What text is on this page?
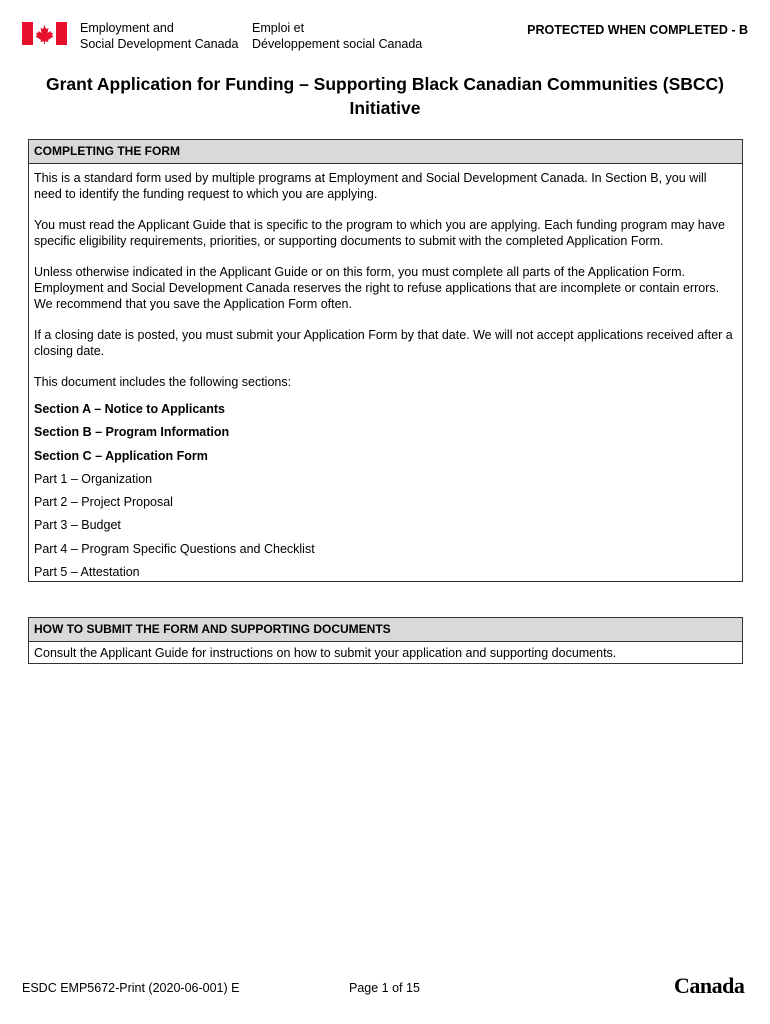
Employment and
Social Development Canada
Emploi et
Développement social Canada
PROTECTED WHEN COMPLETED - B
Grant Application for Funding – Supporting Black Canadian Communities (SBCC)
Initiative
COMPLETING THE FORM
This is a standard form used by multiple programs at Employment and Social Development Canada. In Section B, you will need to identify the funding request to which you are applying.
You must read the Applicant Guide that is specific to the program to which you are applying. Each funding program may have specific eligibility requirements, priorities, or supporting documents to submit with the completed Application Form.
Unless otherwise indicated in the Applicant Guide or on this form, you must complete all parts of the Application Form. Employment and Social Development Canada reserves the right to refuse applications that are incomplete or contain errors. We recommend that you save the Application Form often.
If a closing date is posted, you must submit your Application Form by that date. We will not accept applications received after a closing date.
This document includes the following sections:
Section A – Notice to Applicants
Section B – Program Information
Section C – Application Form
Part 1 – Organization
Part 2 – Project Proposal
Part 3 – Budget
Part 4 – Program Specific Questions and Checklist
Part 5 – Attestation
HOW TO SUBMIT THE FORM AND SUPPORTING DOCUMENTS
Consult the Applicant Guide for instructions on how to submit your application and supporting documents.
ESDC EMP5672-Print (2020-06-001) E	Page 1 of 15	Canada
